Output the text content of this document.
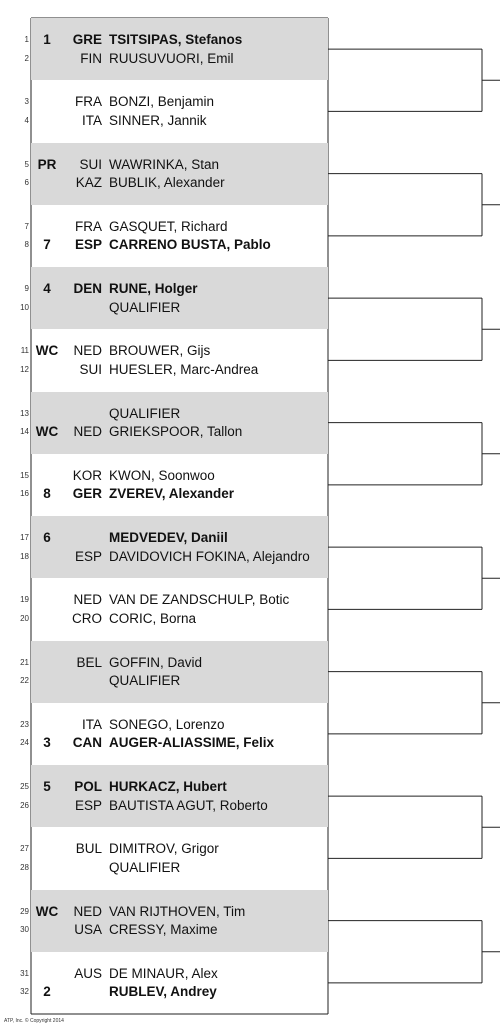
1	1	GRE TSITSIPAS, Stefanos
2	FIN RUUSUVUORI, Emil
3	FRA BONZI, Benjamin
4	ITA SINNER, Jannik
5 PR	SUI WAWRINKA, Stan
6	KAZ BUBLIK, Alexander
7	FRA GASQUET, Richard
8	7	ESP CARRENO BUSTA, Pablo
9	4	DEN RUNE, Holger
10	QUALIFIER
11 WC	NED BROUWER, Gijs
12	SUI HUESLER, Marc-Andrea
13	QUALIFIER
14 WC	NED GRIEKSPOOR, Tallon
15	KOR KWON, Soonwoo
16	8	GER ZVEREV, Alexander
17	6	MEDVEDEV, Daniil
18	ESP DAVIDOVICH FOKINA, Alejandro
19	NED VAN DE ZANDSCHULP, Botic
20	CRO CORIC, Borna
21	BEL GOFFIN, David
22	QUALIFIER
23	ITA SONEGO, Lorenzo
24	3	CAN AUGER-ALIASSIME, Felix
25	5	POL HURKACZ, Hubert
26	ESP BAUTISTA AGUT, Roberto
27	BUL DIMITROV, Grigor
28	QUALIFIER
29 WC	NED VAN RIJTHOVEN, Tim
30	USA CRESSY, Maxime
31	AUS DE MINAUR, Alex
32	2	RUBLEV, Andrey
ATP, Inc. © Copyright 2014
